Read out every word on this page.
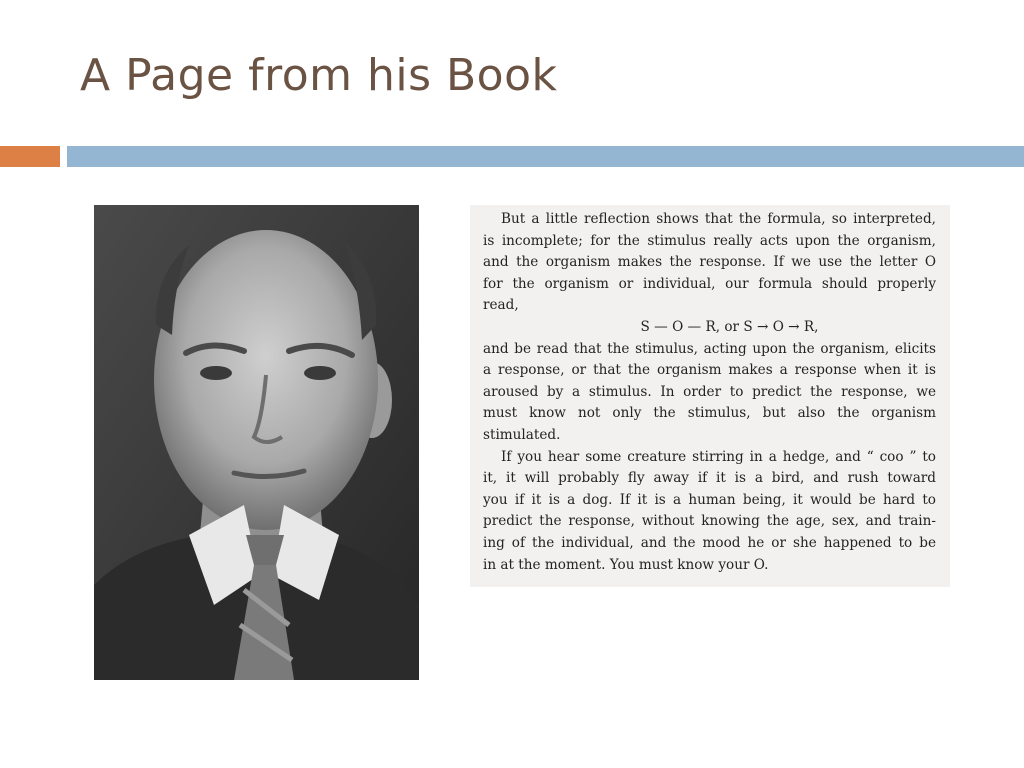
A Page from his Book
But a little reflection shows that the formula, so interpreted,
is incomplete; for the stimulus really acts upon the organism,
and the organism makes the response. If we use the letter O
for the organism or individual, our formula should properly
read,
S — O — R, or S → O → R,
and be read that the stimulus, acting upon the organism, elicits
a response, or that the organism makes a response when it is
aroused by a stimulus. In order to predict the response, we
must know not only the stimulus, but also the organism
stimulated.
If you hear some creature stirring in a hedge, and “ coo ” to
it, it will probably fly away if it is a bird, and rush toward
you if it is a dog. If it is a human being, it would be hard to
predict the response, without knowing the age, sex, and train-
ing of the individual, and the mood he or she happened to be
in at the moment. You must know your O.
